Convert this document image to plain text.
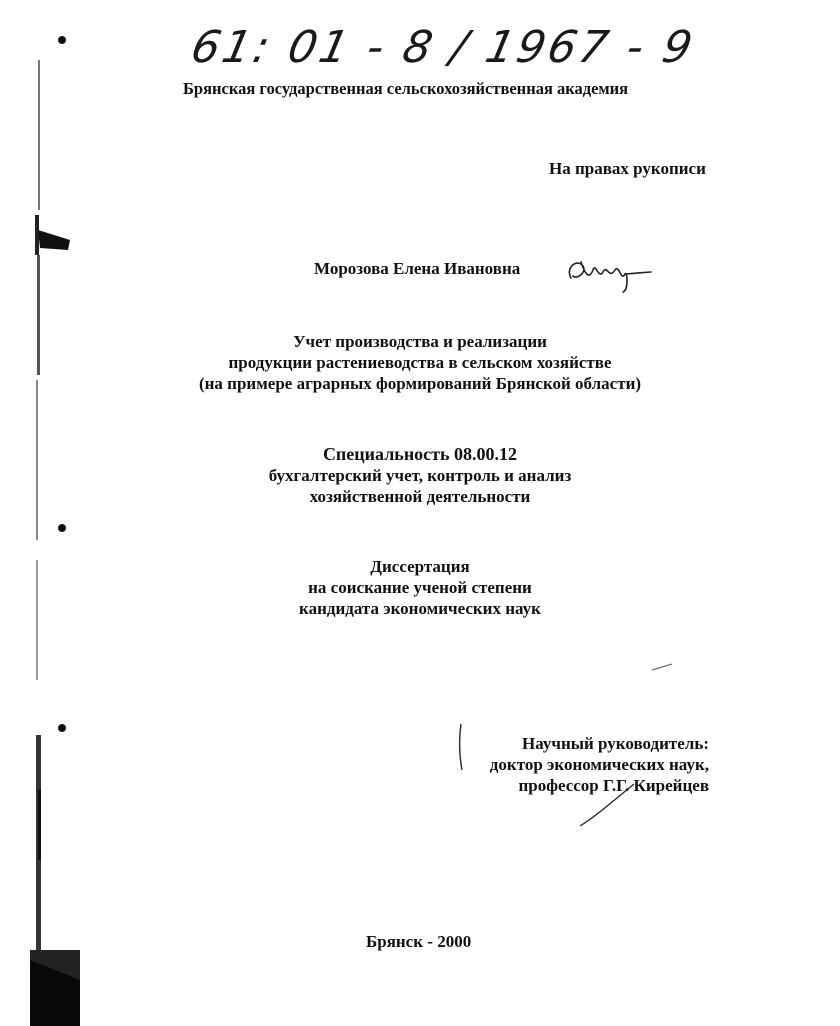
61: 01 - 8 / 1967 - 9
Брянская государственная сельскохозяйственная академия
На правах рукописи
Морозова Елена Ивановна
Учет производства и реализации
продукции растениеводства в сельском хозяйстве
(на примере аграрных формирований Брянской области)
Специальность 08.00.12
бухгалтерский учет, контроль и анализ
хозяйственной деятельности
Диссертация
на соискание ученой степени
кандидата экономических наук
Научный руководитель:
доктор экономических наук,
профессор Г.Г. Кирейцев
Брянск - 2000
